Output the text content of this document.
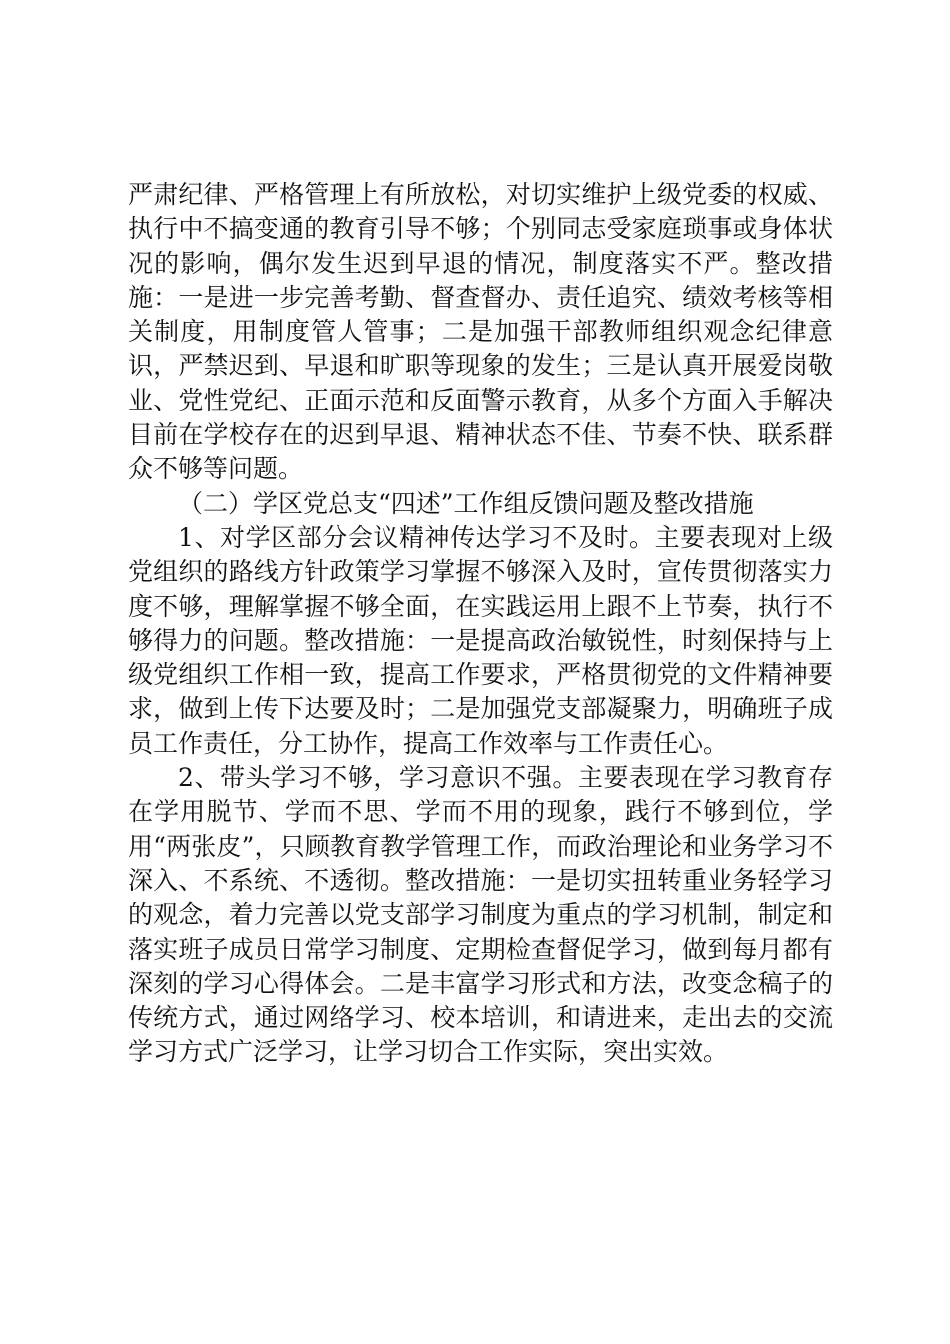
严肃纪律、严格管理上有所放松，对切实维护上级党委的权威、执行中不搞变通的教育引导不够；个别同志受家庭琐事或身体状况的影响，偶尔发生迟到早退的情况，制度落实不严。整改措施：一是进一步完善考勤、督查督办、责任追究、绩效考核等相关制度，用制度管人管事；二是加强干部教师组织观念纪律意识，严禁迟到、早退和旷职等现象的发生；三是认真开展爱岗敬业、党性党纪、正面示范和反面警示教育，从多个方面入手解决目前在学校存在的迟到早退、精神状态不佳、节奏不快、联系群众不够等问题。

（二）学区党总支“四述”工作组反馈问题及整改措施

1、对学区部分会议精神传达学习不及时。主要表现对上级党组织的路线方针政策学习掌握不够深入及时，宣传贯彻落实力度不够，理解掌握不够全面，在实践运用上跟不上节奏，执行不够得力的问题。整改措施：一是提高政治敏锐性，时刻保持与上级党组织工作相一致，提高工作要求，严格贯彻党的文件精神要求，做到上传下达要及时；二是加强党支部凝聚力，明确班子成员工作责任，分工协作，提高工作效率与工作责任心。

2、带头学习不够，学习意识不强。主要表现在学习教育存在学用脱节、学而不思、学而不用的现象，践行不够到位，学用“两张皮”，只顾教育教学管理工作，而政治理论和业务学习不深入、不系统、不透彻。整改措施：一是切实扭转重业务轻学习的观念，着力完善以党支部学习制度为重点的学习机制，制定和落实班子成员日常学习制度、定期检查督促学习，做到每月都有深刻的学习心得体会。二是丰富学习形式和方法，改变念稿子的传统方式，通过网络学习、校本培训，和请进来，走出去的交流学习方式广泛学习，让学习切合工作实际，突出实效。
